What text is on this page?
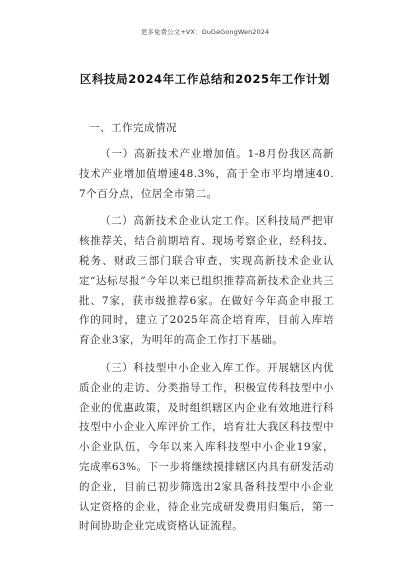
更多免费公文+VX：GuGeGongWen2024
区科技局2024年工作总结和2025年工作计划
一、工作完成情况

（一）高新技术产业增加值。1-8月份我区高新技术产业增加值增速48.3%，高于全市平均增速40.7个百分点，位居全市第二。

（二）高新技术企业认定工作。区科技局严把审核推荐关，结合前期培育、现场考察企业，经科技、税务、财政三部门联合审查，实现高新技术企业认定“达标尽报”今年以来已组织推荐高新技术企业共三批、7家，获市级推荐6家。在做好今年高企申报工作的同时，建立了2025年高企培育库，目前入库培育企业3家，为明年的高企工作打下基础。

（三）科技型中小企业入库工作。开展辖区内优质企业的走访、分类指导工作，积极宣传科技型中小企业的优惠政策，及时组织辖区内企业有效地进行科技型中小企业入库评价工作，培育壮大我区科技型中小企业队伍，今年以来入库科技型中小企业19家，完成率63%。下一步将继续摸排辖区内具有研发活动的企业，目前已初步筛选出2家具备科技型中小企业认定资格的企业，待企业完成研发费用归集后，第一时间协助企业完成资格认证流程。
